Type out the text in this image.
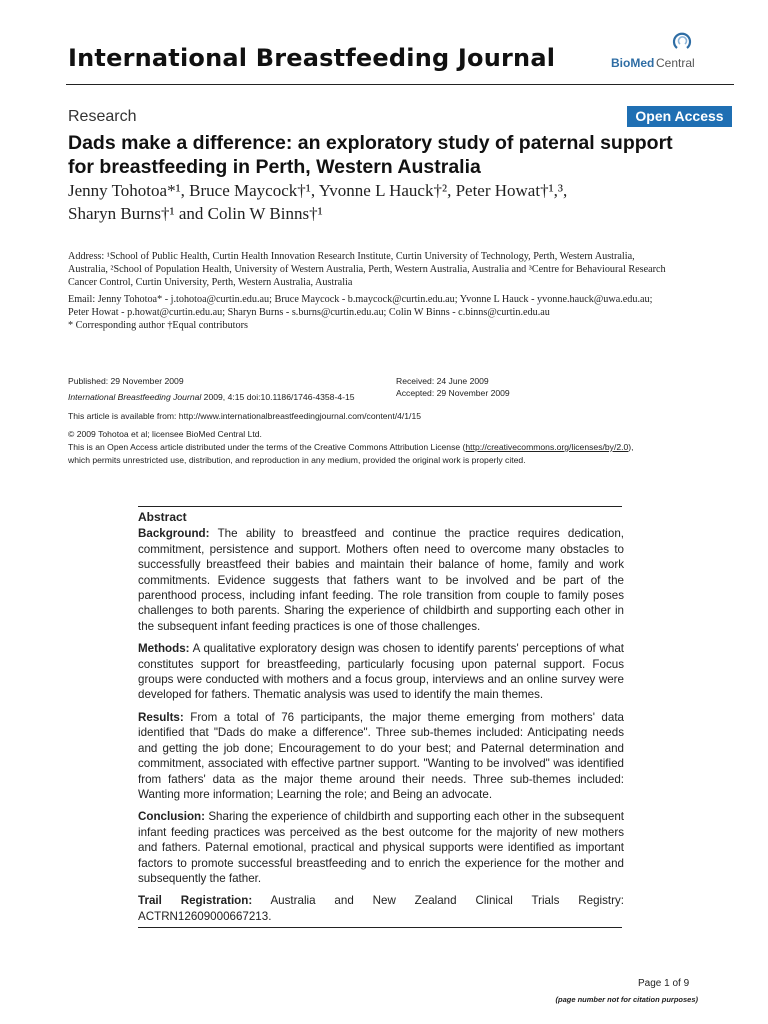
International Breastfeeding Journal	BioMed Central
Research	Open Access
Dads make a difference: an exploratory study of paternal support
for breastfeeding in Perth, Western Australia
Jenny Tohotoa*¹, Bruce Maycock†¹, Yvonne L Hauck†², Peter Howat†¹,³,
Sharyn Burns†¹ and Colin W Binns†¹
Address: ¹School of Public Health, Curtin Health Innovation Research Institute, Curtin University of Technology, Perth, Western Australia,
Australia, ²School of Population Health, University of Western Australia, Perth, Western Australia, Australia and ³Centre for Behavioural Research
Cancer Control, Curtin University, Perth, Western Australia, Australia
Email: Jenny Tohotoa* - j.tohotoa@curtin.edu.au; Bruce Maycock - b.maycock@curtin.edu.au; Yvonne L Hauck - yvonne.hauck@uwa.edu.au;
Peter Howat - p.howat@curtin.edu.au; Sharyn Burns - s.burns@curtin.edu.au; Colin W Binns - c.binns@curtin.edu.au
* Corresponding author †Equal contributors
Published: 29 November 2009	Received: 24 June 2009
Accepted: 29 November 2009
International Breastfeeding Journal 2009, 4:15 doi:10.1186/1746-4358-4-15
This article is available from: http://www.internationalbreastfeedingjournal.com/content/4/1/15
© 2009 Tohotoa et al; licensee BioMed Central Ltd.
This is an Open Access article distributed under the terms of the Creative Commons Attribution License (http://creativecommons.org/licenses/by/2.0),
which permits unrestricted use, distribution, and reproduction in any medium, provided the original work is properly cited.
Abstract

Background: The ability to breastfeed and continue the practice requires dedication, commitment, persistence and support. Mothers often need to overcome many obstacles to successfully breastfeed their babies and maintain their balance of home, family and work commitments. Evidence suggests that fathers want to be involved and be part of the parenthood process, including infant feeding. The role transition from couple to family poses challenges to both parents. Sharing the experience of childbirth and supporting each other in the subsequent infant feeding practices is one of those challenges.

Methods: A qualitative exploratory design was chosen to identify parents' perceptions of what constitutes support for breastfeeding, particularly focusing upon paternal support. Focus groups were conducted with mothers and a focus group, interviews and an online survey were developed for fathers. Thematic analysis was used to identify the main themes.

Results: From a total of 76 participants, the major theme emerging from mothers' data identified that "Dads do make a difference". Three sub-themes included: Anticipating needs and getting the job done; Encouragement to do your best; and Paternal determination and commitment, associated with effective partner support. "Wanting to be involved" was identified from fathers' data as the major theme around their needs. Three sub-themes included: Wanting more information; Learning the role; and Being an advocate.

Conclusion: Sharing the experience of childbirth and supporting each other in the subsequent infant feeding practices was perceived as the best outcome for the majority of new mothers and fathers. Paternal emotional, practical and physical supports were identified as important factors to promote successful breastfeeding and to enrich the experience for the mother and subsequently the father.

Trail Registration: Australia and New Zealand Clinical Trials Registry: ACTRN12609000667213.

Page 1 of 9
(page number not for citation purposes)
